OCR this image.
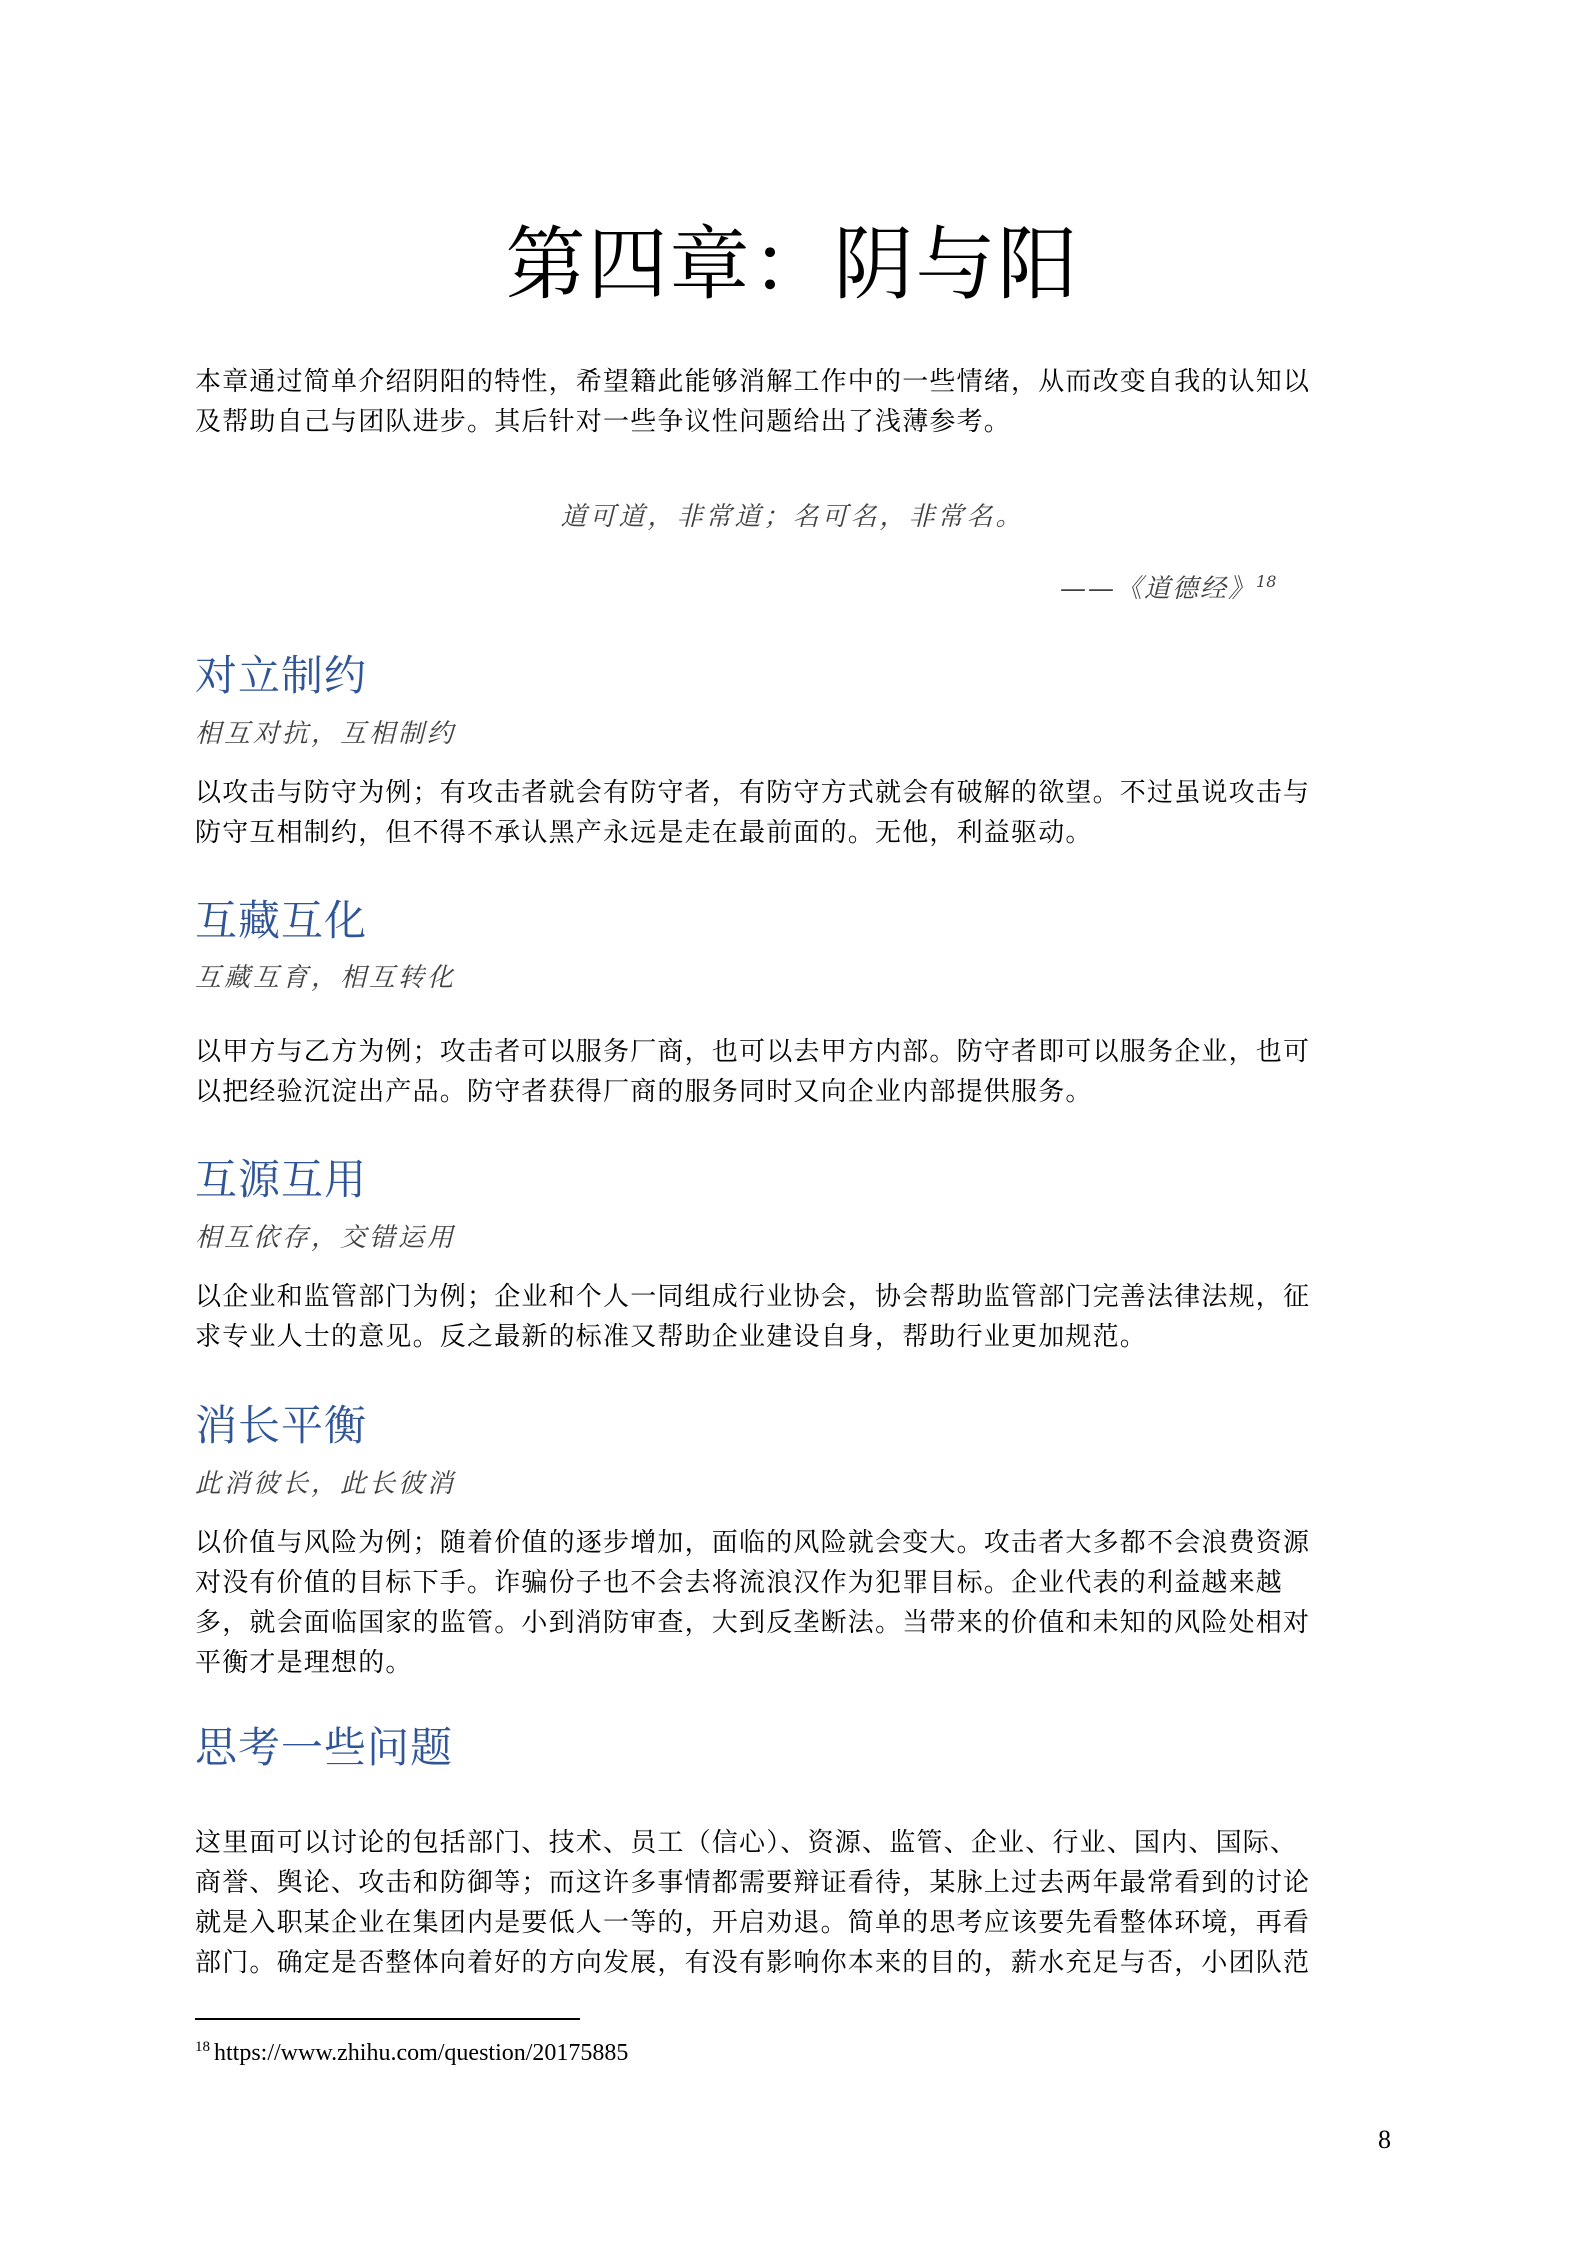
第四章：阴与阳

本章通过简单介绍阴阳的特性，希望籍此能够消解工作中的一些情绪，从而改变自我的认知以
及帮助自己与团队进步。其后针对一些争议性问题给出了浅薄参考。

道可道，非常道；名可名，非常名。
——《道德经》$^{18}$
对立制约

相互对抗，互相制约

以攻击与防守为例；有攻击者就会有防守者，有防守方式就会有破解的欲望。不过虽说攻击与
防守互相制约，但不得不承认黑产永远是走在最前面的。无他，利益驱动。

互藏互化

互藏互育，相互转化

以甲方与乙方为例；攻击者可以服务厂商，也可以去甲方内部。防守者即可以服务企业，也可
以把经验沉淀出产品。防守者获得厂商的服务同时又向企业内部提供服务。

互源互用

相互依存，交错运用

以企业和监管部门为例；企业和个人一同组成行业协会，协会帮助监管部门完善法律法规，征
求专业人士的意见。反之最新的标准又帮助企业建设自身，帮助行业更加规范。

消长平衡

此消彼长，此长彼消

以价值与风险为例；随着价值的逐步增加，面临的风险就会变大。攻击者大多都不会浪费资源
对没有价值的目标下手。诈骗份子也不会去将流浪汉作为犯罪目标。企业代表的利益越来越
多，就会面临国家的监管。小到消防审查，大到反垄断法。当带来的价值和未知的风险处相对
平衡才是理想的。

思考一些问题

这里面可以讨论的包括部门、技术、员工（信心）、资源、监管、企业、行业、国内、国际、
商誉、舆论、攻击和防御等；而这许多事情都需要辩证看待，某脉上过去两年最常看到的讨论
就是入职某企业在集团内是要低人一等的，开启劝退。简单的思考应该要先看整体环境，再看
部门。确定是否整体向着好的方向发展，有没有影响你本来的目的，薪水充足与否，小团队范

$^{18}$ https://www.zhihu.com/question/20175885
8
